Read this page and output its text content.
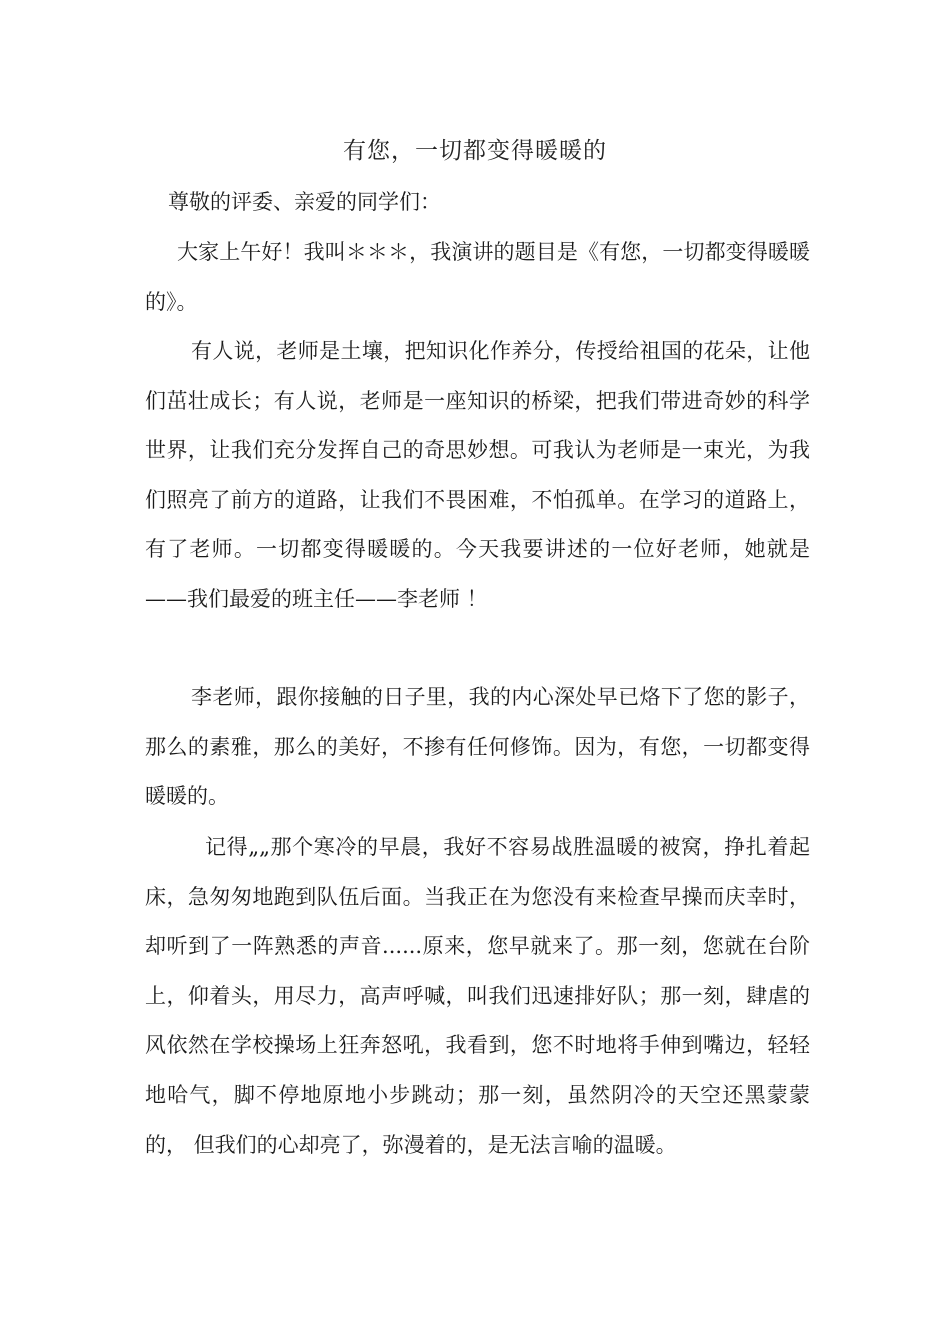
有您，一切都变得暖暖的
尊敬的评委、亲爱的同学们：

大家上午好！我叫＊＊＊，我演讲的题目是《有您，一切都变得暖暖的》。

有人说，老师是土壤，把知识化作养分，传授给祖国的花朵，让他们茁壮成长；有人说，老师是一座知识的桥梁，把我们带进奇妙的科学世界，让我们充分发挥自己的奇思妙想。可我认为老师是一束光，为我们照亮了前方的道路，让我们不畏困难，不怕孤单。在学习的道路上，有了老师。一切都变得暖暖的。今天我要讲述的一位好老师，她就是——我们最爱的班主任——李老师 ！

李老师，跟你接触的日子里，我的内心深处早已烙下了您的影子，那么的素雅，那么的美好，不掺有任何修饰。因为，有您，一切都变得暖暖的。

记得„„那个寒冷的早晨，我好不容易战胜温暖的被窝，挣扎着起床，急匆匆地跑到队伍后面。当我正在为您没有来检查早操而庆幸时，却听到了一阵熟悉的声音......原来，您早就来了。那一刻，您就在台阶上，仰着头，用尽力，高声呼喊，叫我们迅速排好队；那一刻，肆虐的风依然在学校操场上狂奔怒吼，我看到，您不时地将手伸到嘴边，轻轻地哈气，脚不停地原地小步跳动；那一刻，虽然阴冷的天空还黑蒙蒙的， 但我们的心却亮了，弥漫着的，是无法言喻的温暖。
